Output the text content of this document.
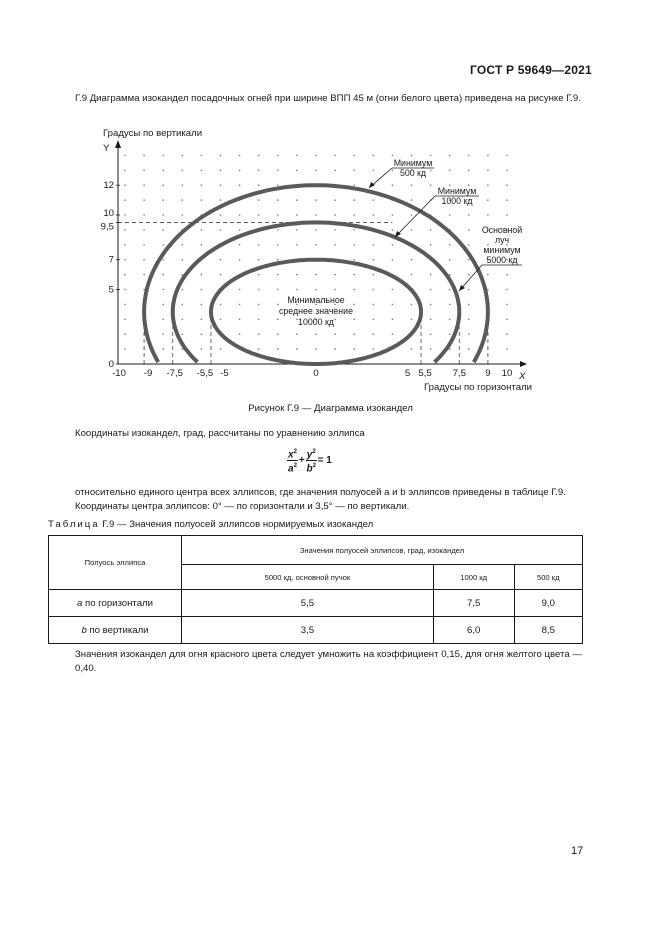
ГОСТ Р 59649—2021
Г.9 Диаграмма изокандел посадочных огней при ширине ВПП 45 м (огни белого цвета) приведена на рисунке Г.9.
-10 -9 -7,5 -5,5 -5	0	5 5,5 7,5 9 10
0
5
7
9,5
10
12
Градусы по вертикали
Y
Градусы по горизонтали
X
Минимум
500 кд
Минимум
1000 кд
Основной
луч
минимум
5000 кд
Минимальное
среднее значение
10000 кд
Рисунок Г.9 — Диаграмма изокандел
Координаты изокандел, град, рассчитаны по уравнению эллипса
$\frac{x^2}{a^2} + \frac{y^2}{b^2} = 1$
относительно единого центра всех эллипсов, где значения полуосей a и b эллипсов приведены в таблице Г.9. Координаты центра эллипсов: 0° — по горизонтали и 3,5° — по вертикали.
Таблица Г.9 — Значения полуосей эллипсов нормируемых изокандел
Полуось эллипса	Значения полуосей эллипсов, град, изокандел		
	5000 кд, основной пучок	1000 кд	500 кд
a по горизонтали	5,5	7,5	9,0
b по вертикали	3,5	6,0	8,5
Значения изокандел для огня красного цвета следует умножить на коэффициент 0,15, для огня желтого цвета — 0,40.
17
